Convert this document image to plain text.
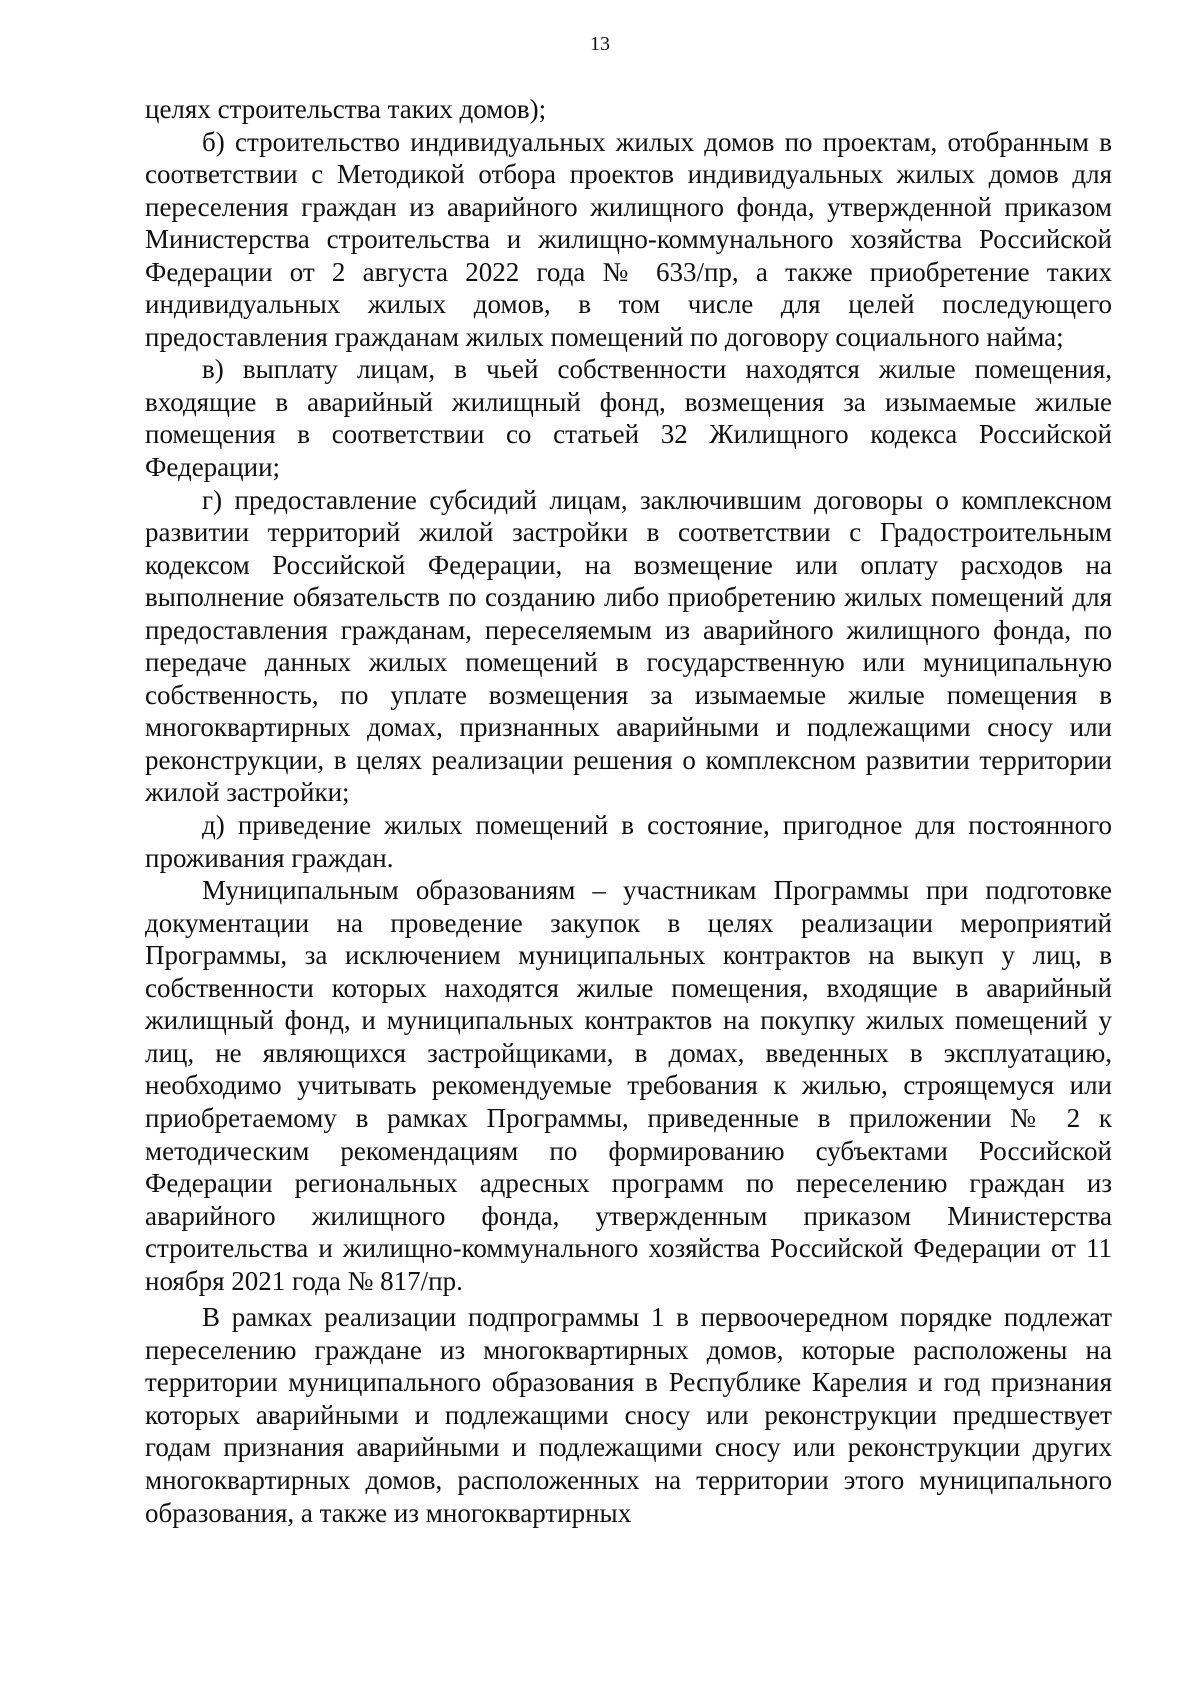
13

целях строительства таких домов);

б) строительство индивидуальных жилых домов по проектам, отобранным в соответствии с Методикой отбора проектов индивидуальных жилых домов для переселения граждан из аварийного жилищного фонда, утвержденной приказом Министерства строительства и жилищно-коммунального хозяйства Российской Федерации от 2 августа 2022 года № 633/пр, а также приобретение таких индивидуальных жилых домов, в том числе для целей последующего предоставления гражданам жилых помещений по договору социального найма;

в) выплату лицам, в чьей собственности находятся жилые помещения, входящие в аварийный жилищный фонд, возмещения за изымаемые жилые помещения в соответствии со статьей 32 Жилищного кодекса Российской Федерации;

г) предоставление субсидий лицам, заключившим договоры о комплексном развитии территорий жилой застройки в соответствии с Градостроительным кодексом Российской Федерации, на возмещение или оплату расходов на выполнение обязательств по созданию либо приобретению жилых помещений для предоставления гражданам, переселяемым из аварийного жилищного фонда, по передаче данных жилых помещений в государственную или муниципальную собственность, по уплате возмещения за изымаемые жилые помещения в многоквартирных домах, признанных аварийными и подлежащими сносу или реконструкции, в целях реализации решения о комплексном развитии территории жилой застройки;

д) приведение жилых помещений в состояние, пригодное для постоянного проживания граждан.

Муниципальным образованиям – участникам Программы при подготовке документации на проведение закупок в целях реализации мероприятий Программы, за исключением муниципальных контрактов на выкуп у лиц, в собственности которых находятся жилые помещения, входящие в аварийный жилищный фонд, и муниципальных контрактов на покупку жилых помещений у лиц, не являющихся застройщиками, в домах, введенных в эксплуатацию, необходимо учитывать рекомендуемые требования к жилью, строящемуся или приобретаемому в рамках Программы, приведенные в приложении № 2 к методическим рекомендациям по формированию субъектами Российской Федерации региональных адресных программ по переселению граждан из аварийного жилищного фонда, утвержденным приказом Министерства строительства и жилищно-коммунального хозяйства Российской Федерации от 11 ноября 2021 года № 817/пр.

В рамках реализации подпрограммы 1 в первоочередном порядке подлежат переселению граждане из многоквартирных домов, которые расположены на территории муниципального образования в Республике Карелия и год признания которых аварийными и подлежащими сносу или реконструкции предшествует годам признания аварийными и подлежащими сносу или реконструкции других многоквартирных домов, расположенных на территории этого муниципального образования, а также из многоквартирных
